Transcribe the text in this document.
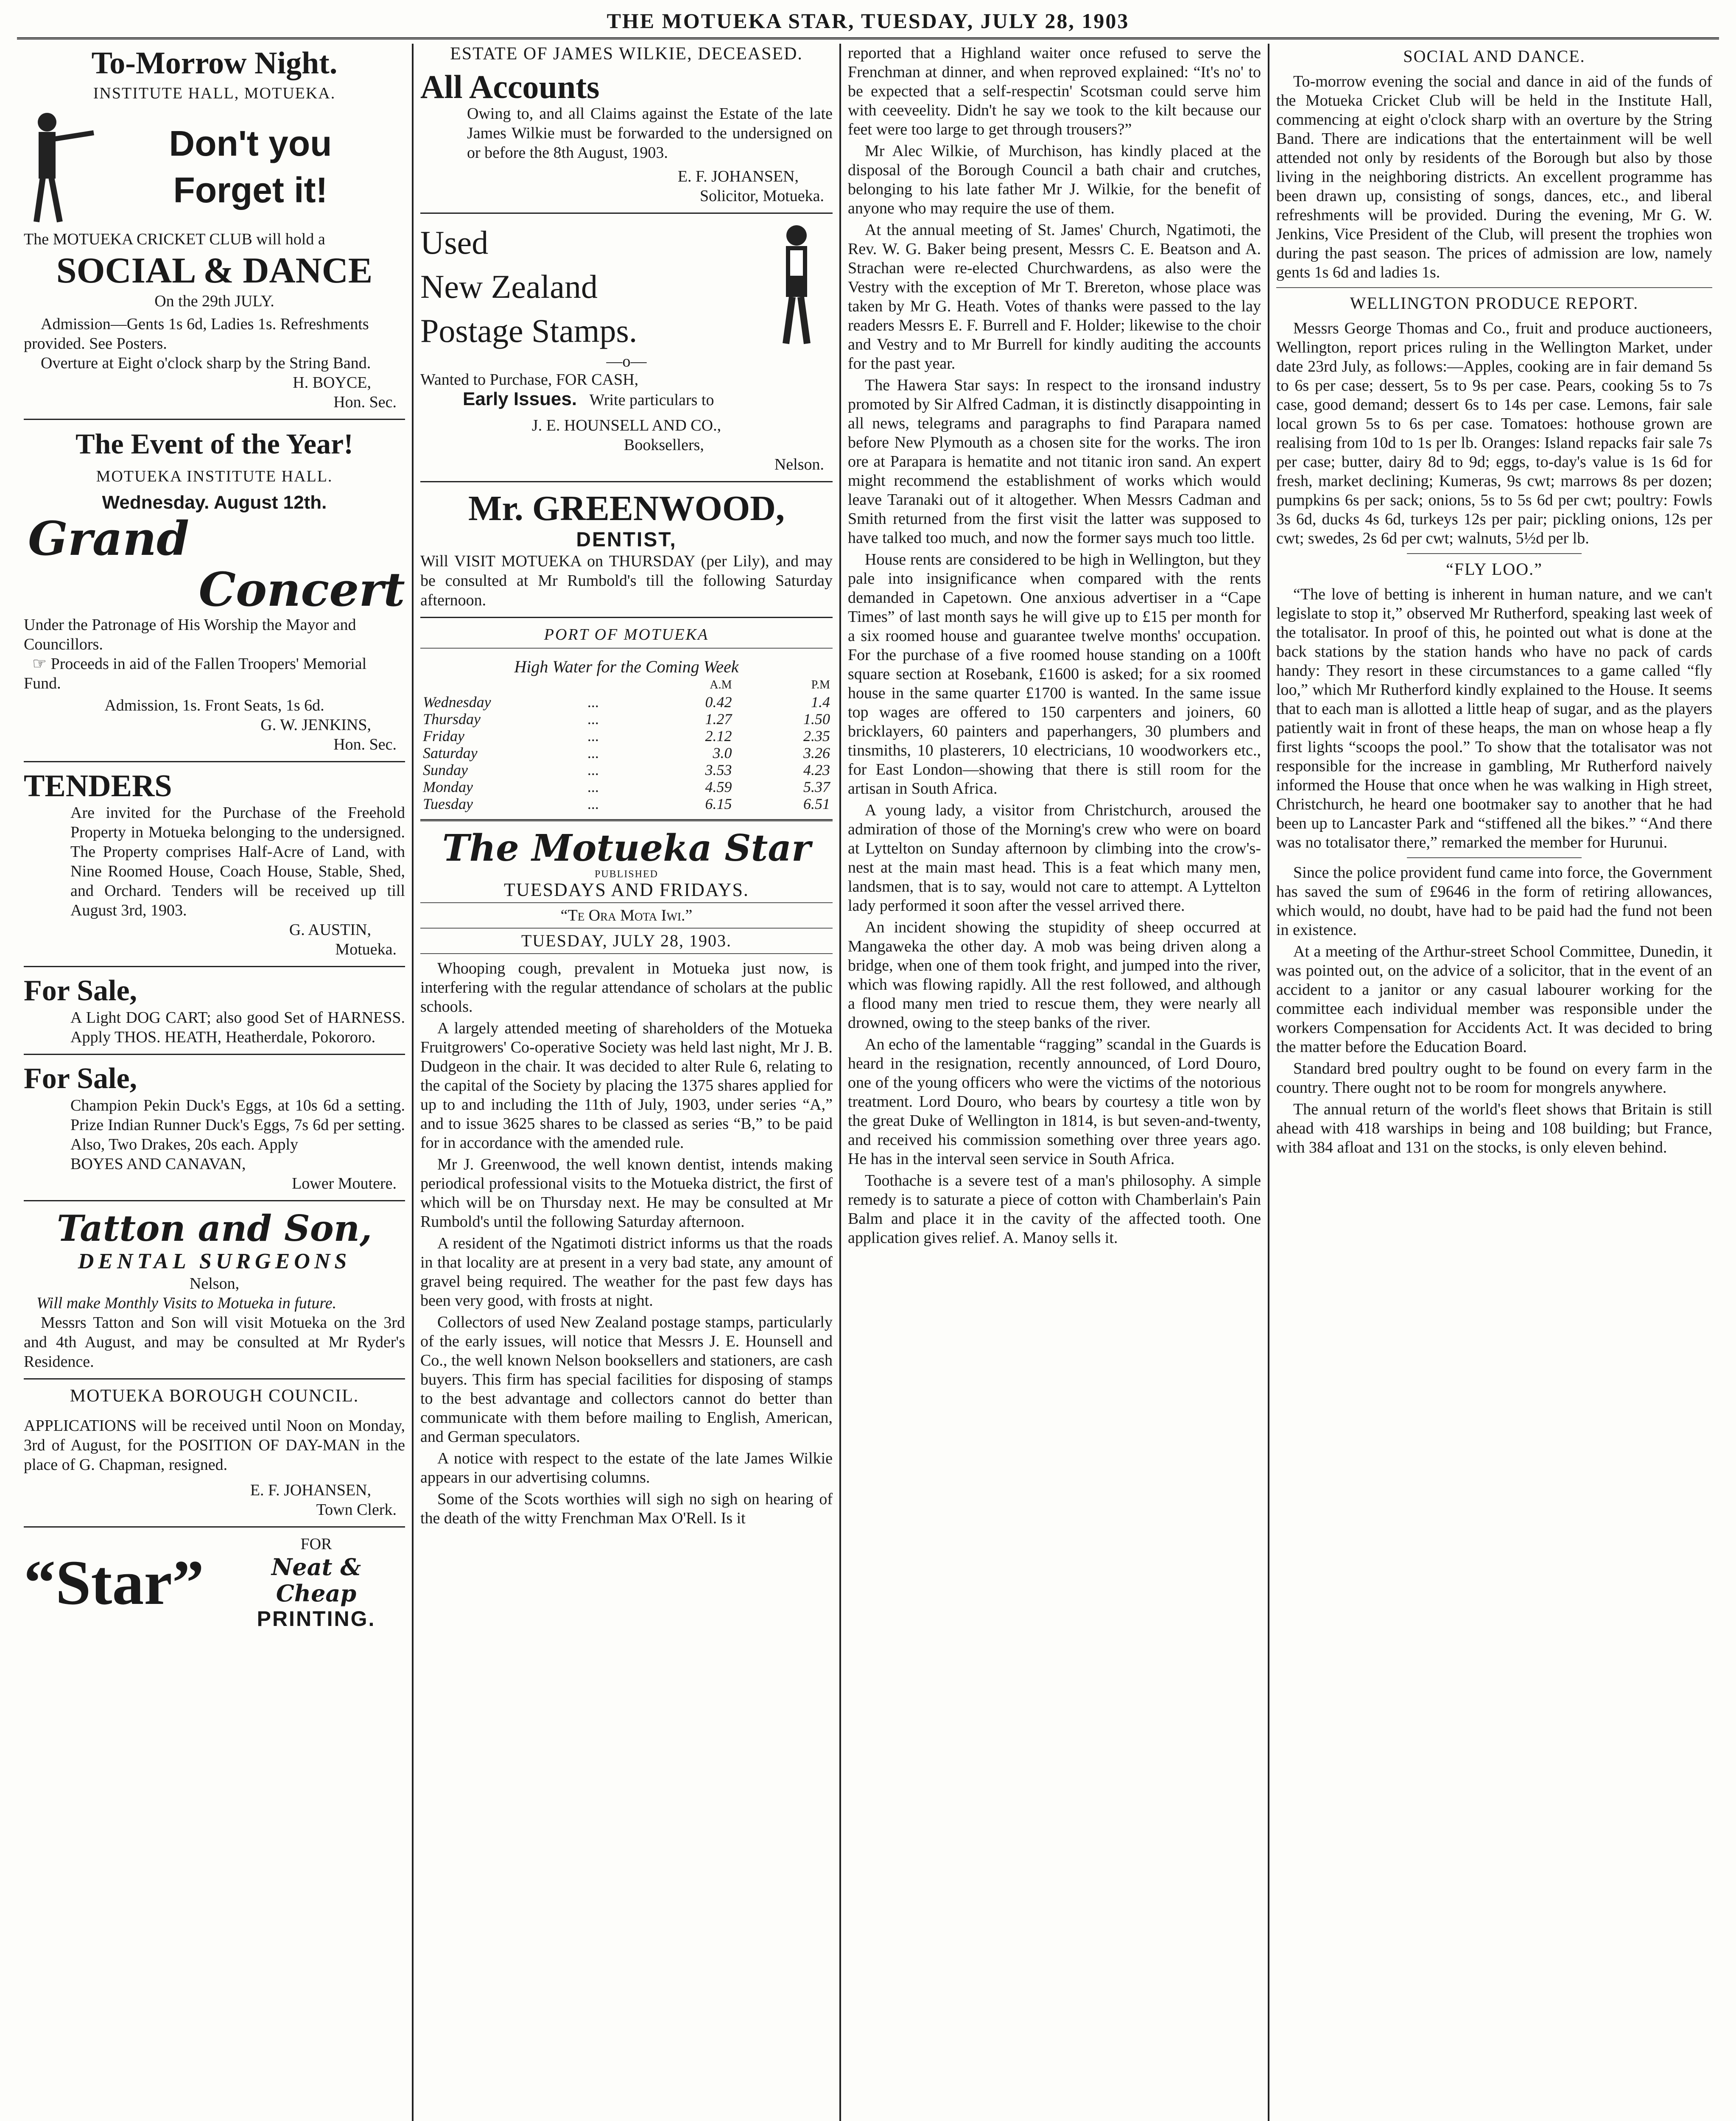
THE MOTUEKA STAR, TUESDAY, JULY 28, 1903

To-Morrow Night.

INSTITUTE HALL, MOTUEKA.

Don't you

Forget it!

The MOTUEKA CRICKET CLUB will hold a

SOCIAL & DANCE

On the 29th JULY.

Admission—Gents 1s 6d, Ladies 1s. Refreshments provided. See Posters.

Overture at Eight o'clock sharp by the String Band.

H. BOYCE,

Hon. Sec.

The Event of the Year!

MOTUEKA INSTITUTE HALL.

Wednesday. August 12th.

Grand

Concert

Under the Patronage of His Worship the Mayor and Councillors.

☞ Proceeds in aid of the Fallen Troopers' Memorial Fund.

Admission, 1s. Front Seats, 1s 6d.

G. W. JENKINS,

Hon. Sec.

TENDERS

Are invited for the Purchase of the Freehold Property in Motueka belonging to the undersigned. The Property comprises Half-Acre of Land, with Nine Roomed House, Coach House, Stable, Shed, and Orchard. Tenders will be received up till August 3rd, 1903.

G. AUSTIN,

Motueka.

For Sale,

A Light DOG CART; also good Set of HARNESS. Apply THOS. HEATH, Heatherdale, Pokororo.

For Sale,

Champion Pekin Duck's Eggs, at 10s 6d a setting. Prize Indian Runner Duck's Eggs, 7s 6d per setting. Also, Two Drakes, 20s each. Apply

BOYES AND CANAVAN,

Lower Moutere.

Tatton and Son,

DENTAL SURGEONS

Nelson,

Will make Monthly Visits to Motueka in future.

Messrs Tatton and Son will visit Motueka on the 3rd and 4th August, and may be consulted at Mr Ryder's Residence.

MOTUEKA BOROUGH COUNCIL.

APPLICATIONS will be received until Noon on Monday, 3rd of August, for the POSITION OF DAY-MAN in the place of G. Chapman, resigned.

E. F. JOHANSEN,

Town Clerk.

“Star”

FOR

Neat & Cheap

PRINTING.

ESTATE OF JAMES WILKIE, DECEASED.

All Accounts

Owing to, and all Claims against the Estate of the late James Wilkie must be forwarded to the undersigned on or before the 8th August, 1903.

E. F. JOHANSEN,

Solicitor, Motueka.

Used

New Zealand

Postage Stamps.

—o—

Wanted to Purchase, FOR CASH,

Early Issues. Write particulars to

J. E. HOUNSELL AND CO.,

Booksellers,

Nelson.

Mr. GREENWOOD,

DENTIST,

Will VISIT MOTUEKA on THURSDAY (per Lily), and may be consulted at Mr Rumbold's till the following Saturday afternoon.

PORT OF MOTUEKA

High Water for the Coming Week

		A.M	P.M
Wednesday	...	0.42	1.4
Thursday	...	1.27	1.50
Friday	...	2.12	2.35
Saturday	...	3.0	3.26
Sunday	...	3.53	4.23
Monday	...	4.59	5.37
Tuesday	...	6.15	6.51

The Motueka Star

PUBLISHED

TUESDAYS AND FRIDAYS.

“Te Ora Mota Iwi.”

TUESDAY, JULY 28, 1903.

Whooping cough, prevalent in Motueka just now, is interfering with the regular attendance of scholars at the public schools.

A largely attended meeting of shareholders of the Motueka Fruitgrowers' Co-operative Society was held last night, Mr J. B. Dudgeon in the chair. It was decided to alter Rule 6, relating to the capital of the Society by placing the 1375 shares applied for up to and including the 11th of July, 1903, under series “A,” and to issue 3625 shares to be classed as series “B,” to be paid for in accordance with the amended rule.

Mr J. Greenwood, the well known dentist, intends making periodical professional visits to the Motueka district, the first of which will be on Thursday next. He may be consulted at Mr Rumbold's until the following Saturday afternoon.

A resident of the Ngatimoti district informs us that the roads in that locality are at present in a very bad state, any amount of gravel being required. The weather for the past few days has been very good, with frosts at night.

Collectors of used New Zealand postage stamps, particularly of the early issues, will notice that Messrs J. E. Hounsell and Co., the well known Nelson booksellers and stationers, are cash buyers. This firm has special facilities for disposing of stamps to the best advantage and collectors cannot do better than communicate with them before mailing to English, American, and German speculators.

A notice with respect to the estate of the late James Wilkie appears in our advertising columns.

Some of the Scots worthies will sigh no sigh on hearing of the death of the witty Frenchman Max O'Rell. Is it

reported that a Highland waiter once refused to serve the Frenchman at dinner, and when reproved explained: “It's no' to be expected that a self-respectin' Scotsman could serve him with ceeveelity. Didn't he say we took to the kilt because our feet were too large to get through trousers?”

Mr Alec Wilkie, of Murchison, has kindly placed at the disposal of the Borough Council a bath chair and crutches, belonging to his late father Mr J. Wilkie, for the benefit of anyone who may require the use of them.

At the annual meeting of St. James' Church, Ngatimoti, the Rev. W. G. Baker being present, Messrs C. E. Beatson and A. Strachan were re-elected Churchwardens, as also were the Vestry with the exception of Mr T. Brereton, whose place was taken by Mr G. Heath. Votes of thanks were passed to the lay readers Messrs E. F. Burrell and F. Holder; likewise to the choir and Vestry and to Mr Burrell for kindly auditing the accounts for the past year.

The Hawera Star says: In respect to the ironsand industry promoted by Sir Alfred Cadman, it is distinctly disappointing in all news, telegrams and paragraphs to find Parapara named before New Plymouth as a chosen site for the works. The iron ore at Parapara is hematite and not titanic iron sand. An expert might recommend the establishment of works which would leave Taranaki out of it altogether. When Messrs Cadman and Smith returned from the first visit the latter was supposed to have talked too much, and now the former says much too little.

House rents are considered to be high in Wellington, but they pale into insignificance when compared with the rents demanded in Capetown. One anxious advertiser in a “Cape Times” of last month says he will give up to £15 per month for a six roomed house and guarantee twelve months' occupation. For the purchase of a five roomed house standing on a 100ft square section at Rosebank, £1600 is asked; for a six roomed house in the same quarter £1700 is wanted. In the same issue top wages are offered to 150 carpenters and joiners, 60 bricklayers, 60 painters and paperhangers, 30 plumbers and tinsmiths, 10 plasterers, 10 electricians, 10 woodworkers etc., for East London—showing that there is still room for the artisan in South Africa.

A young lady, a visitor from Christchurch, aroused the admiration of those of the Morning's crew who were on board at Lyttelton on Sunday afternoon by climbing into the crow's-nest at the main mast head. This is a feat which many men, landsmen, that is to say, would not care to attempt. A Lyttelton lady performed it soon after the vessel arrived there.

An incident showing the stupidity of sheep occurred at Mangaweka the other day. A mob was being driven along a bridge, when one of them took fright, and jumped into the river, which was flowing rapidly. All the rest followed, and although a flood many men tried to rescue them, they were nearly all drowned, owing to the steep banks of the river.

An echo of the lamentable “ragging” scandal in the Guards is heard in the resignation, recently announced, of Lord Douro, one of the young officers who were the victims of the notorious treatment. Lord Douro, who bears by courtesy a title won by the great Duke of Wellington in 1814, is but seven-and-twenty, and received his commission something over three years ago. He has in the interval seen service in South Africa.

Toothache is a severe test of a man's philosophy. A simple remedy is to saturate a piece of cotton with Chamberlain's Pain Balm and place it in the cavity of the affected tooth. One application gives relief. A. Manoy sells it.

SOCIAL AND DANCE.

To-morrow evening the social and dance in aid of the funds of the Motueka Cricket Club will be held in the Institute Hall, commencing at eight o'clock sharp with an overture by the String Band. There are indications that the entertainment will be well attended not only by residents of the Borough but also by those living in the neighboring districts. An excellent programme has been drawn up, consisting of songs, dances, etc., and liberal refreshments will be provided. During the evening, Mr G. W. Jenkins, Vice President of the Club, will present the trophies won during the past season. The prices of admission are low, namely gents 1s 6d and ladies 1s.

WELLINGTON PRODUCE REPORT.

Messrs George Thomas and Co., fruit and produce auctioneers, Wellington, report prices ruling in the Wellington Market, under date 23rd July, as follows:—Apples, cooking are in fair demand 5s to 6s per case; dessert, 5s to 9s per case. Pears, cooking 5s to 7s case, good demand; dessert 6s to 14s per case. Lemons, fair sale local grown 5s to 6s per case. Tomatoes: hothouse grown are realising from 10d to 1s per lb. Oranges: Island repacks fair sale 7s per case; butter, dairy 8d to 9d; eggs, to-day's value is 1s 6d for fresh, market declining; Kumeras, 9s cwt; marrows 8s per dozen; pumpkins 6s per sack; onions, 5s to 5s 6d per cwt; poultry: Fowls 3s 6d, ducks 4s 6d, turkeys 12s per pair; pickling onions, 12s per cwt; swedes, 2s 6d per cwt; walnuts, 5½d per lb.

“FLY LOO.”

“The love of betting is inherent in human nature, and we can't legislate to stop it,” observed Mr Rutherford, speaking last week of the totalisator. In proof of this, he pointed out what is done at the back stations by the station hands who have no pack of cards handy: They resort in these circumstances to a game called “fly loo,” which Mr Rutherford kindly explained to the House. It seems that to each man is allotted a little heap of sugar, and as the players patiently wait in front of these heaps, the man on whose heap a fly first lights “scoops the pool.” To show that the totalisator was not responsible for the increase in gambling, Mr Rutherford naively informed the House that once when he was walking in High street, Christchurch, he heard one bootmaker say to another that he had been up to Lancaster Park and “stiffened all the bikes.” “And there was no totalisator there,” remarked the member for Hurunui.

Since the police provident fund came into force, the Government has saved the sum of £9646 in the form of retiring allowances, which would, no doubt, have had to be paid had the fund not been in existence.

At a meeting of the Arthur-street School Committee, Dunedin, it was pointed out, on the advice of a solicitor, that in the event of an accident to a janitor or any casual labourer working for the committee each individual member was responsible under the workers Compensation for Accidents Act. It was decided to bring the matter before the Education Board.

Standard bred poultry ought to be found on every farm in the country. There ought not to be room for mongrels anywhere.

The annual return of the world's fleet shows that Britain is still ahead with 418 warships in being and 108 building; but France, with 384 afloat and 131 on the stocks, is only eleven behind.
